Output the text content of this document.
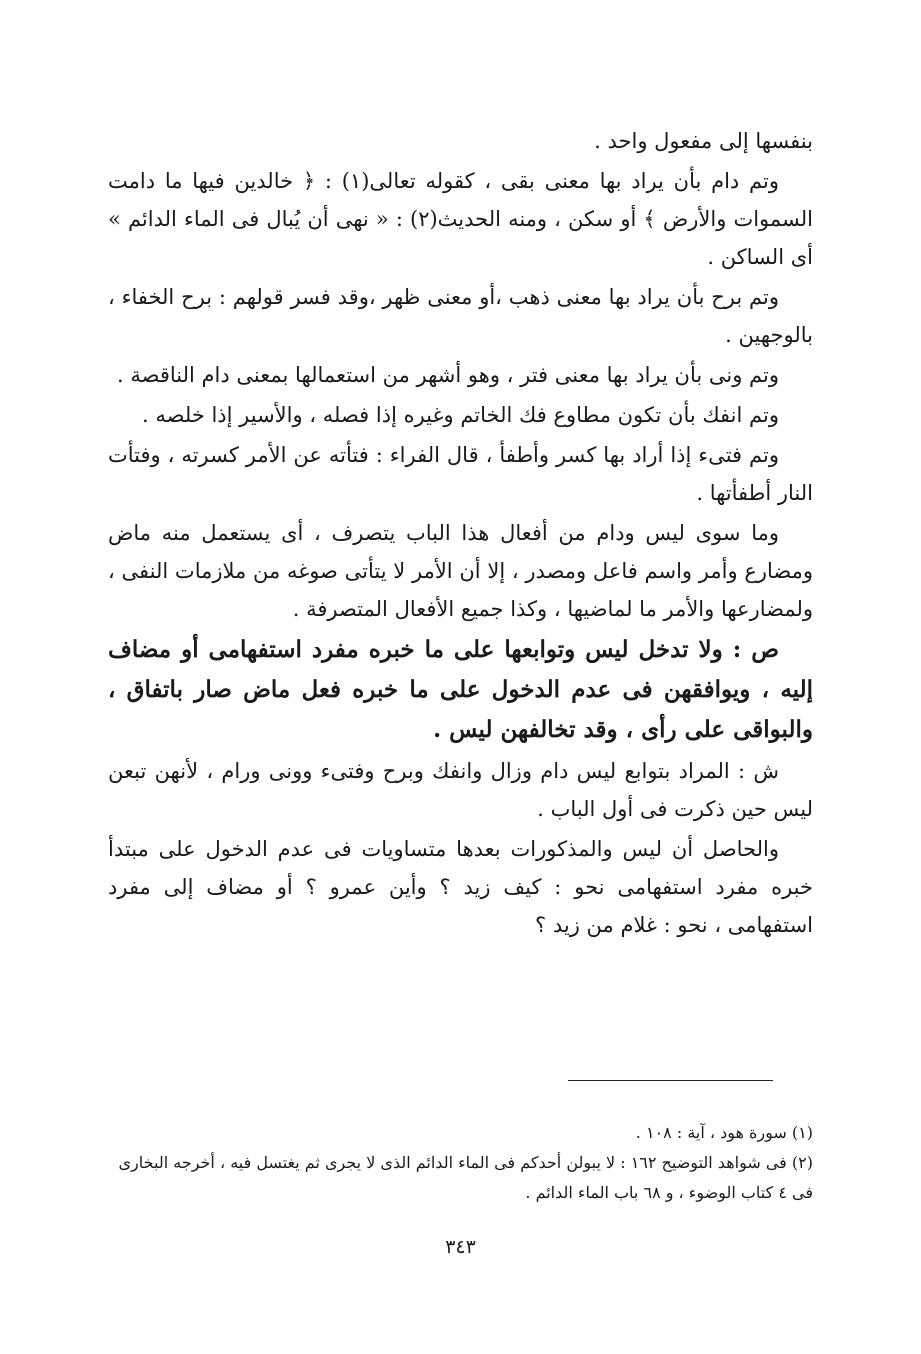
بنفسها إلى مفعول واحد .

وتم دام بأن يراد بها معنى بقى ، كقوله تعالى(١) : ﴿ خالدين فيها ما دامت السموات والأرض ﴾ أو سكن ، ومنه الحديث(٢) : « نهى أن يُبال فى الماء الدائم » أى الساكن .

وتم برح بأن يراد بها معنى ذهب ،أو معنى ظهر ،وقد فسر قولهم : برح الخفاء ، بالوجهين .

وتم ونى بأن يراد بها معنى فتر ، وهو أشهر من استعمالها بمعنى دام الناقصة .

وتم انفك بأن تكون مطاوع فك الخاتم وغيره إذا فصله ، والأسير إذا خلصه .

وتم فتىء إذا أراد بها كسر وأطفأ ، قال الفراء : فتأته عن الأمر كسرته ، وفتأت النار أطفأتها .

وما سوى ليس ودام من أفعال هذا الباب يتصرف ، أى يستعمل منه ماض ومضارع وأمر واسم فاعل ومصدر ، إلا أن الأمر لا يتأتى صوغه من ملازمات النفى ، ولمضارعها والأمر ما لماضيها ، وكذا جميع الأفعال المتصرفة .

ص : ولا تدخل ليس وتوابعها على ما خبره مفرد استفهامى أو مضاف إليه ، ويوافقهن فى عدم الدخول على ما خبره فعل ماض صار باتفاق ، والبواقى على رأى ، وقد تخالفهن ليس .

ش : المراد بتوابع ليس دام وزال وانفك وبرح وفتىء وونى ورام ، لأنهن تبعن ليس حين ذكرت فى أول الباب .

والحاصل أن ليس والمذكورات بعدها متساويات فى عدم الدخول على مبتدأ خبره مفرد استفهامى نحو : كيف زيد ؟ وأين عمرو ؟ أو مضاف إلى مفرد استفهامى ، نحو : غلام من زيد ؟

(١) سورة هود ، آية : ١٠٨ .

(٢) فى شواهد التوضيح ١٦٢ : لا يبولن أحدكم فى الماء الدائم الذى لا يجرى ثم يغتسل فيه ، أخرجه البخارى فى ٤ كتاب الوضوء ، و ٦٨ باب الماء الدائم .

٣٤٣
